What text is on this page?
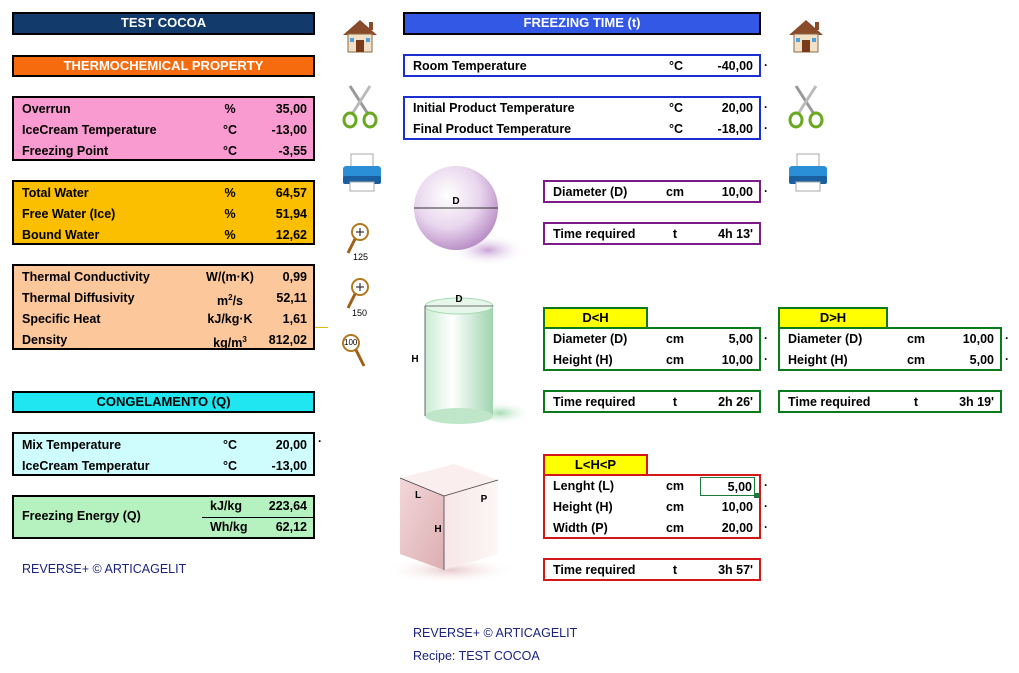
TEST COCOA
THERMOCHEMICAL PROPERTY
Overrun	%	35,00
IceCream Temperature	°C	-13,00
Freezing Point	°C	-3,55
Total Water	%	64,57
Free Water (Ice)	%	51,94
Bound Water	%	12,62
Thermal Conductivity	W/(m·K)	0,99
Thermal Diffusivity	$m^2/s$	52,11
Specific Heat	kJ/kg·K	1,61
Density	$kg/m^3$	812,02
CONGELAMENTO (Q)
Mix Temperature	°C	20,00
IceCream Temperatur	°C	-13,00
·
Freezing Energy (Q)
kJ/kg 223,64
Wh/kg 62,12
REVERSE+ © ARTICAGELIT
125
150
100
FREEZING TIME (t)
Room Temperature	°C	-40,00 ·
Initial Product Temperature	°C	20,00
Final Product Temperature	°C	-18,00
·
·
D
Diameter (D)	cm	10,00 ·
Time required	t	4h 13'
D
H
D<H
Diameter (D)	cm	5,00
Height (H)	cm	10,00
·
·
Time required	t	2h 26'
D>H
Diameter (D)	cm	10,00
Height (H)	cm	5,00
·
·
Time required	t	3h 19'
L	P
H
L<H<P
Lenght (L)	cm	5,00
Height (H)	cm	10,00
Width (P)	cm	20,00
·
·
·
Time required	t	3h 57'
REVERSE+ © ARTICAGELIT
Recipe: TEST COCOA
